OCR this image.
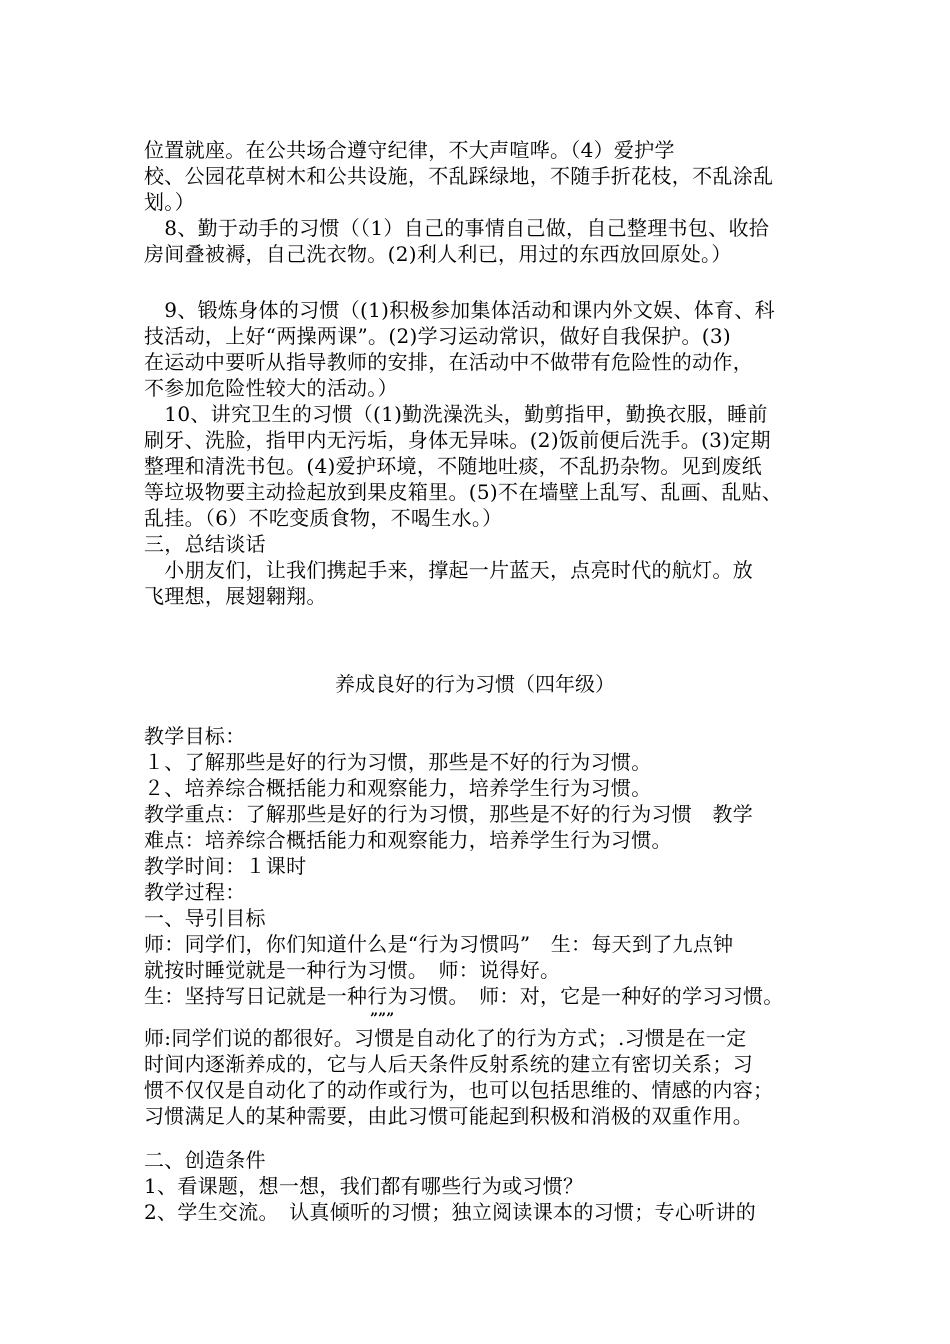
位置就座。在公共场合遵守纪律，不大声喧哗。（4）爱护学
校、公园花草树木和公共设施，不乱踩绿地，不随手折花枝，不乱涂乱
划。）
　8、勤于动手的习惯（（1）自己的事情自己做，自己整理书包、收拾
房间叠被褥，自己洗衣物。(2)利人利已，用过的东西放回原处。）
　9、锻炼身体的习惯（(1)积极参加集体活动和课内外文娱、体育、科
技活动，上好“两操两课”。(2)学习运动常识，做好自我保护。(3)
在运动中要听从指导教师的安排，在活动中不做带有危险性的动作，
不参加危险性较大的活动。）
　10、讲究卫生的习惯（(1)勤洗澡洗头，勤剪指甲，勤换衣服，睡前
刷牙、洗脸，指甲内无污垢，身体无异味。(2)饭前便后洗手。(3)定期
整理和清洗书包。(4)爱护环境，不随地吐痰，不乱扔杂物。见到废纸
等垃圾物要主动捡起放到果皮箱里。(5)不在墙壁上乱写、乱画、乱贴、
乱挂。（6）不吃变质食物，不喝生水。）
三，总结谈话
　小朋友们，让我们携起手来，撑起一片蓝天，点亮时代的航灯。放
飞理想，展翅翱翔。
养成良好的行为习惯（四年级）
教学目标：
１、了解那些是好的行为习惯，那些是不好的行为习惯。
２、培养综合概括能力和观察能力，培养学生行为习惯。
教学重点：了解那些是好的行为习惯，那些是不好的行为习惯　教学
难点：培养综合概括能力和观察能力，培养学生行为习惯。
教学时间：１课时
教学过程：
一、导引目标
师：同学们，你们知道什么是“行为习惯吗”　生：每天到了九点钟
就按时睡觉就是一种行为习惯。　师：说得好。
生：坚持写日记就是一种行为习惯。　师：对，它是一种好的学习习惯。
”””
师:同学们说的都很好。习惯是自动化了的行为方式；.习惯是在一定
时间内逐渐养成的，它与人后天条件反射系统的建立有密切关系；习
惯不仅仅是自动化了的动作或行为，也可以包括思维的、情感的内容；
习惯满足人的某种需要，由此习惯可能起到积极和消极的双重作用。
二、创造条件
1、看课题，想一想，我们都有哪些行为或习惯？
2、学生交流。　认真倾听的习惯；独立阅读课本的习惯；专心听讲的
